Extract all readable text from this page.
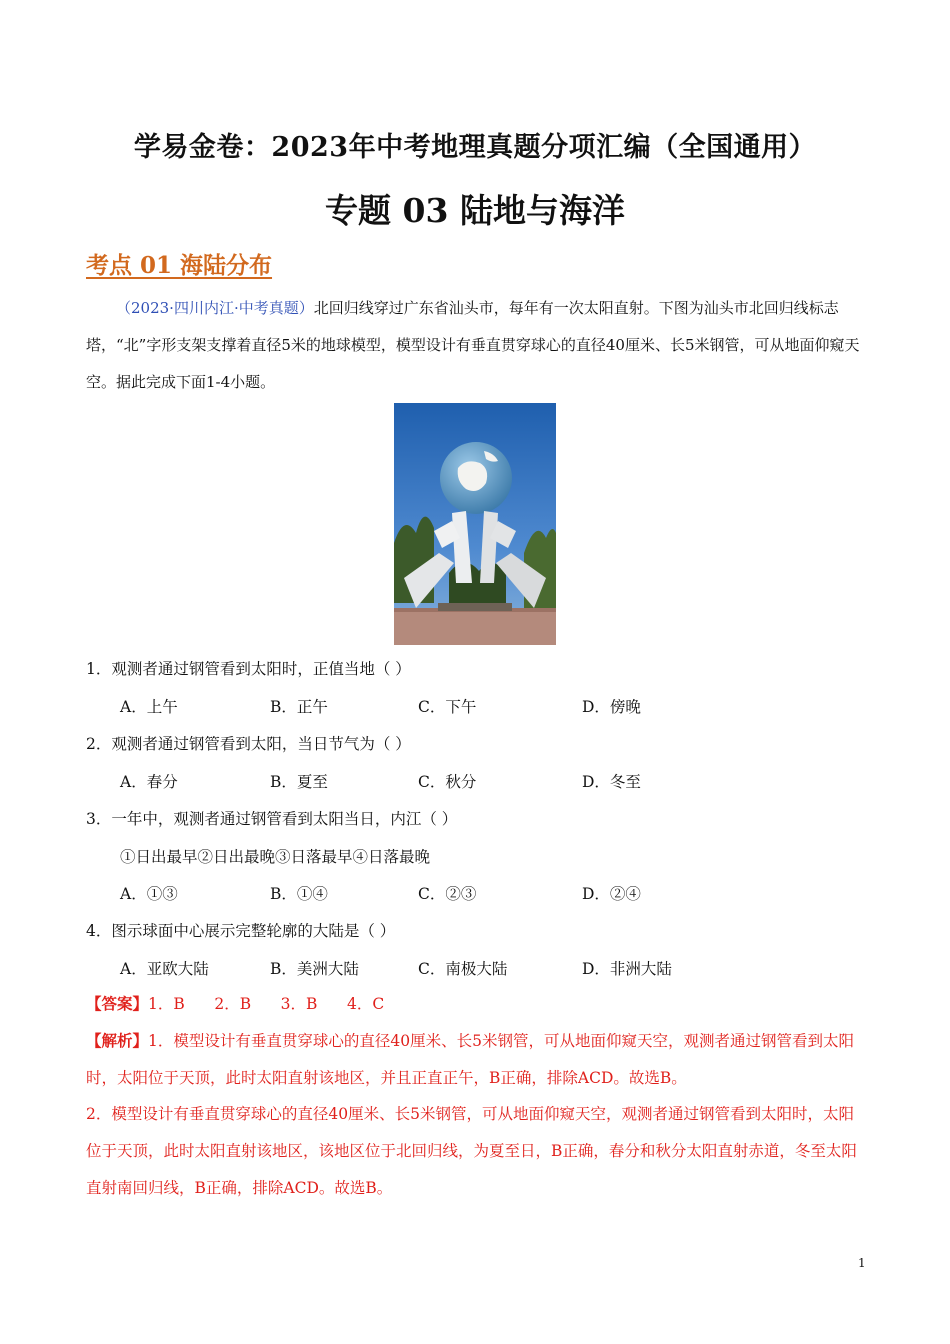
学易金卷：2023年中考地理真题分项汇编（全国通用）
专题 03 陆地与海洋
考点 01 海陆分布
（2023·四川内江·中考真题）北回归线穿过广东省汕头市，每年有一次太阳直射。下图为汕头市北回归线标志塔，“北”字形支架支撑着直径5米的地球模型，模型设计有垂直贯穿球心的直径40厘米、长5米钢管，可从地面仰窥天空。据此完成下面1-4小题。
1．观测者通过钢管看到太阳时，正值当地（ ）
A．上午	B．正午	C．下午	D．傍晚
2．观测者通过钢管看到太阳，当日节气为（ ）
A．春分	B．夏至	C．秋分	D．冬至
3．一年中，观测者通过钢管看到太阳当日，内江（ ）
①日出最早②日出最晚③日落最早④日落最晚
A．①③	B．①④	C．②③	D．②④
4．图示球面中心展示完整轮廓的大陆是（ ）
A．亚欧大陆	B．美洲大陆	C．南极大陆	D．非洲大陆
【答案】1．B      2．B      3．B      4．C
【解析】1．模型设计有垂直贯穿球心的直径40厘米、长5米钢管，可从地面仰窥天空，观测者通过钢管看到太阳时，太阳位于天顶，此时太阳直射该地区，并且正直正午，B正确，排除ACD。故选B。
2．模型设计有垂直贯穿球心的直径40厘米、长5米钢管，可从地面仰窥天空，观测者通过钢管看到太阳时，太阳位于天顶，此时太阳直射该地区，该地区位于北回归线，为夏至日，B正确，春分和秋分太阳直射赤道，冬至太阳直射南回归线，B正确，排除ACD。故选B。
1
